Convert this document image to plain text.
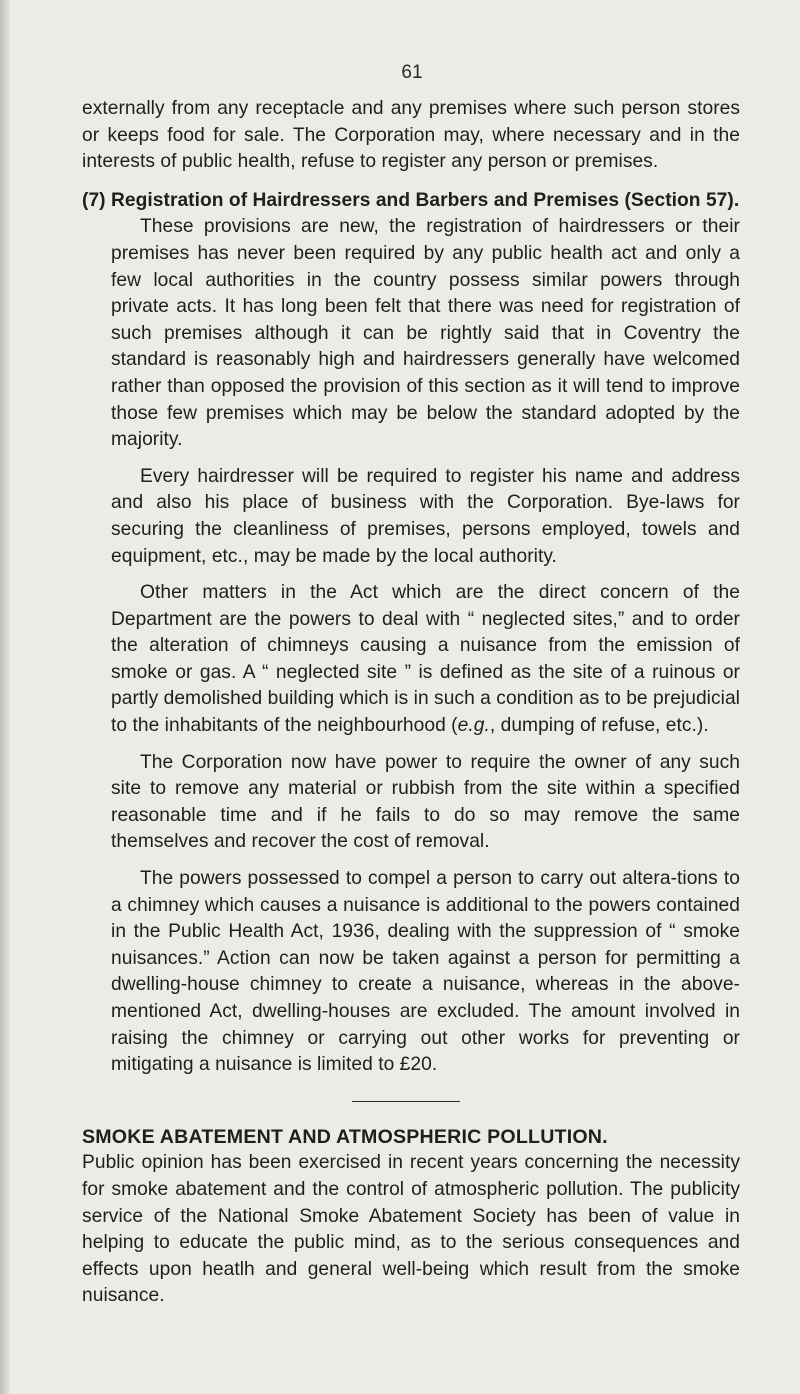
61

externally from any receptacle and any premises where such person stores or keeps food for sale. The Corporation may, where necessary and in the interests of public health, refuse to register any person or premises.

(7) Registration of Hairdressers and Barbers and Premises (Section 57).

These provisions are new, the registration of hairdressers or their premises has never been required by any public health act and only a few local authorities in the country possess similar powers through private acts. It has long been felt that there was need for registration of such premises although it can be rightly said that in Coventry the standard is reasonably high and hairdressers generally have welcomed rather than opposed the provision of this section as it will tend to improve those few premises which may be below the standard adopted by the majority.

Every hairdresser will be required to register his name and address and also his place of business with the Corporation. Bye-laws for securing the cleanliness of premises, persons employed, towels and equipment, etc., may be made by the local authority.

Other matters in the Act which are the direct concern of the Department are the powers to deal with “ neglected sites,” and to order the alteration of chimneys causing a nuisance from the emission of smoke or gas. A “ neglected site ” is defined as the site of a ruinous or partly demolished building which is in such a condition as to be prejudicial to the inhabitants of the neighbourhood (e.g., dumping of refuse, etc.).

The Corporation now have power to require the owner of any such site to remove any material or rubbish from the site within a specified reasonable time and if he fails to do so may remove the same themselves and recover the cost of removal.

The powers possessed to compel a person to carry out altera-tions to a chimney which causes a nuisance is additional to the powers contained in the Public Health Act, 1936, dealing with the suppression of “ smoke nuisances.” Action can now be taken against a person for permitting a dwelling-house chimney to create a nuisance, whereas in the above-mentioned Act, dwelling-houses are excluded. The amount involved in raising the chimney or carrying out other works for preventing or mitigating a nuisance is limited to £20.

SMOKE ABATEMENT AND ATMOSPHERIC POLLUTION.

Public opinion has been exercised in recent years concerning the necessity for smoke abatement and the control of atmospheric pollution. The publicity service of the National Smoke Abatement Society has been of value in helping to educate the public mind, as to the serious consequences and effects upon heatlh and general well-being which result from the smoke nuisance.
